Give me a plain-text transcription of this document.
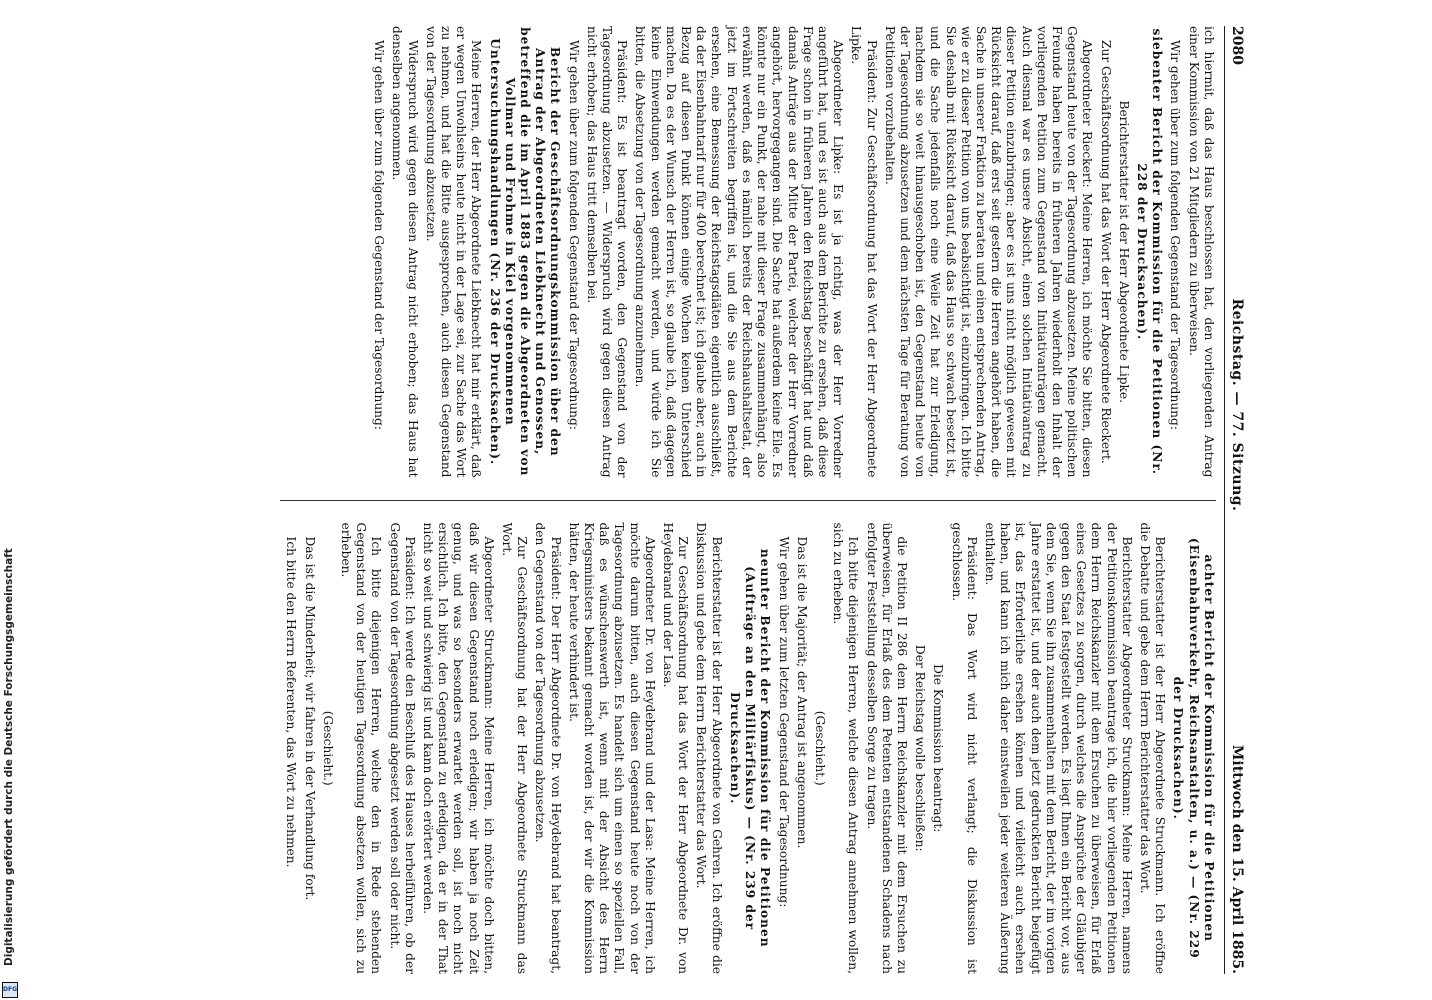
2080
Reichstag. — 77. Sitzung.
Mittwoch den 15. April 1885.

ich hiermit, daß das Haus beschlossen hat, den vorliegenden Antrag einer Kommission von 21 Mitgliedern zu überweisen.

Wir gehen über zum folgenden Gegenstand der Tagesordnung:

siebenter Bericht der Kommission für die Petitionen (Nr. 228 der Drucksachen).

Berichterstatter ist der Herr Abgeordnete Lipke.

Zur Geschäftsordnung hat das Wort der Herr Abgeordnete Rieckert.

Abgeordneter Rieckert: Meine Herren, ich möchte Sie bitten, diesen Gegenstand heute von der Tagesordnung abzusetzen. Meine politischen Freunde haben bereits in früheren Jahren wiederholt den Inhalt der vorliegenden Petition zum Gegenstand von Initiativanträgen gemacht. Auch diesmal war es unsere Absicht, einen solchen Initiativantrag zu dieser Petition einzubringen; aber es ist uns nicht möglich gewesen mit Rücksicht darauf, daß erst seit gestern die Herren angehört haben, die Sache in unserer Fraktion zu beraten und einen entsprechenden Antrag, wie er zu dieser Petition von uns beabsichtigt ist, einzubringen. Ich bitte Sie deshalb mit Rücksicht darauf, daß das Haus so schwach besetzt ist, und die Sache jedenfalls noch eine Weile Zeit hat zur Erledigung, nachdem sie so weit hinausgeschoben ist, den Gegenstand heute von der Tagesordnung abzusetzen und dem nächsten Tage für Beratung von Petitionen vorzubehalten.

Präsident: Zur Geschäftsordnung hat das Wort der Herr Abgeordnete Lipke.

Abgeordneter Lipke: Es ist ja richtig, was der Herr Vorredner angeführt hat, und es ist auch aus dem Berichte zu ersehen, daß diese Frage schon in früheren Jahren den Reichstag beschäftigt hat und daß damals Anträge aus der Mitte der Partei, welcher der Herr Vorredner angehört, hervorgegangen sind. Die Sache hat außerdem keine Eile. Es könnte nur ein Punkt, der nahe mit dieser Frage zusammenhängt, also erwähnt werden, daß es nämlich bereits der Reichshaushaltsetat, der jetzt im Fortschreiten begriffen ist, und die Sie aus dem Berichte ersehen, eine Bemessung der Reichstagsdiäten eigentlich ausschließt, da der Eisenbahntarif nur für 400 berechnet ist; ich glaube aber, auch in Bezug auf diesen Punkt können einige Wochen keinen Unterschied machen. Da es der Wunsch der Herren ist, so glaube ich, daß dagegen keine Einwendungen werden gemacht werden, und würde ich Sie bitten, die Absetzung von der Tagesordnung anzunehmen.

Präsident: Es ist beantragt worden, den Gegenstand von der Tagesordnung abzusetzen. — Widerspruch wird gegen diesen Antrag nicht erhoben; das Haus tritt demselben bei.

Wir gehen über zum folgenden Gegenstand der Tagesordnung:

Bericht der Geschäftsordnungskommission über den Antrag der Abgeordneten Liebknecht und Genossen, betreffend die im April 1883 gegen die Abgeordneten von Vollmar und Frohme in Kiel vorgenommenen Untersuchungshandlungen (Nr. 236 der Drucksachen).

Meine Herren, der Herr Abgeordnete Liebknecht hat mir erklärt, daß er wegen Unwohlseins heute nicht in der Lage sei, zur Sache das Wort zu nehmen, und hat die Bitte ausgesprochen, auch diesen Gegenstand von der Tagesordnung abzusetzen.

Widerspruch wird gegen diesen Antrag nicht erhoben; das Haus hat denselben angenommen.

Wir gehen über zum folgenden Gegenstand der Tagesordnung:

achter Bericht der Kommission für die Petitionen (Eisenbahnverkehr, Reichsanstalten, u. a.) — (Nr. 229 der Drucksachen).

Berichterstatter ist der Herr Abgeordnete Struckmann. Ich eröffne die Debatte und gebe dem Herrn Berichterstatter das Wort.

Berichterstatter Abgeordneter Struckmann: Meine Herren, namens der Petitionskommission beantrage ich, die hier vorliegenden Petitionen dem Herrn Reichskanzler mit dem Ersuchen zu überweisen, für Erlaß eines Gesetzes zu sorgen, durch welches die Ansprüche der Gläubiger gegen den Staat festgestellt werden. Es liegt Ihnen ein Bericht vor, aus dem Sie, wenn Sie ihn zusammenhalten mit dem Bericht, der im vorigen Jahre erstattet ist, und der auch dem jetzt gedruckten Bericht beigefügt ist, das Erforderliche ersehen können und vielleicht auch ersehen haben, und kann ich mich daher einstweilen jeder weiteren Äußerung enthalten.

Präsident: Das Wort wird nicht verlangt; die Diskussion ist geschlossen.

Die Kommission beantragt:

Der Reichstag wolle beschließen:

die Petition II 286 dem Herrn Reichskanzler mit dem Ersuchen zu überweisen, für Erlaß des dem Petenten entstandenen Schadens nach erfolgter Feststellung desselben Sorge zu tragen.

Ich bitte diejenigen Herren, welche diesen Antrag annehmen wollen, sich zu erheben.

(Geschieht.)

Das ist die Majorität; der Antrag ist angenommen.

Wir gehen über zum letzten Gegenstand der Tagesordnung:

neunter Bericht der Kommission für die Petitionen (Aufträge an den Militärfiskus) — (Nr. 239 der Drucksachen).

Berichterstatter ist der Herr Abgeordnete von Gehren. Ich eröffne die Diskussion und gebe dem Herrn Berichterstatter das Wort.

Zur Geschäftsordnung hat das Wort der Herr Abgeordnete Dr. von Heydebrand und der Lasa.

Abgeordneter Dr. von Heydebrand und der Lasa: Meine Herren, ich möchte darum bitten, auch diesen Gegenstand heute noch von der Tagesordnung abzusetzen. Es handelt sich um einen so speziellen Fall, daß es wünschenswerth ist, wenn mit der Absicht des Herrn Kriegsministers bekannt gemacht worden ist, der wir die Kommission hätten, der heute verhindert ist.

Präsident: Der Herr Abgeordnete Dr. von Heydebrand hat beantragt, den Gegenstand von der Tagesordnung abzusetzen.

Zur Geschäftsordnung hat der Herr Abgeordnete Struckmann das Wort.

Abgeordneter Struckmann: Meine Herren, ich möchte doch bitten, daß wir diesen Gegenstand noch erledigen; wir haben ja noch Zeit genug, und was so besonders erwartet werden soll, ist noch nicht ersichtlich. Ich bitte, den Gegenstand zu erledigen, da er in der That nicht so weit und schwierig ist und kann doch erörtert werden.

Präsident: Ich werde den Beschluß des Hauses herbeiführen, ob der Gegenstand von der Tagesordnung abgesetzt werden soll oder nicht.

Ich bitte diejenigen Herren, welche den in Rede stehenden Gegenstand von der heutigen Tagesordnung absetzen wollen, sich zu erheben.

(Geschieht.)

Das ist die Minderheit; wir fahren in der Verhandlung fort.

Ich bitte den Herrn Referenten, das Wort zu nehmen.

Digitalisierung gefördert durch die Deutsche Forschungsgemeinschaft
DFG
